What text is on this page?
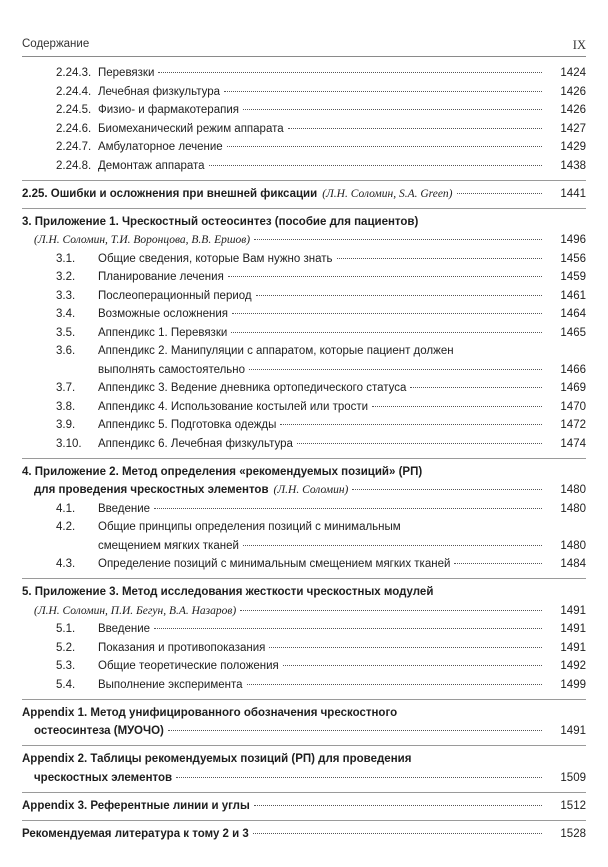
Содержание	IX
2.24.3. Перевязки	1424
2.24.4. Лечебная физкультура	1426
2.24.5. Физио- и фармакотерапия	1426
2.24.6. Биомеханический режим аппарата	1427
2.24.7. Амбулаторное лечение	1429
2.24.8. Демонтаж аппарата	1438
2.25. Ошибки и осложнения при внешней фиксации (Л.Н. Соломин, S.A. Green)	1441
3. Приложение 1. Чрескостный остеосинтез (пособие для пациентов)
(Л.Н. Соломин, Т.И. Воронцова, В.В. Ершов)	1496
3.1. Общие сведения, которые Вам нужно знать	1456
3.2. Планирование лечения	1459
3.3. Послеоперационный период	1461
3.4. Возможные осложнения	1464
3.5. Аппендикс 1. Перевязки	1465
3.6. Аппендикс 2. Манипуляции с аппаратом, которые пациент должен
выполнять самостоятельно	1466
3.7. Аппендикс 3. Ведение дневника ортопедического статуса	1469
3.8. Аппендикс 4. Использование костылей или трости	1470
3.9. Аппендикс 5. Подготовка одежды	1472
3.10. Аппендикс 6. Лечебная физкультура	1474
4. Приложение 2. Метод определения «рекомендуемых позиций» (РП)
для проведения чрескостных элементов (Л.Н. Соломин)	1480
4.1. Введение	1480
4.2. Общие принципы определения позиций с минимальным
смещением мягких тканей	1480
4.3. Определение позиций с минимальным смещением мягких тканей	1484
5. Приложение 3. Метод исследования жесткости чрескостных модулей
(Л.Н. Соломин, П.И. Бегун, В.А. Назаров)	1491
5.1. Введение	1491
5.2. Показания и противопоказания	1491
5.3. Общие теоретические положения	1492
5.4. Выполнение эксперимента	1499
Appendix 1. Метод унифицированного обозначения чрескостного
остеосинтеза (МУОЧО)	1491
Appendix 2. Таблицы рекомендуемых позиций (РП) для проведения
чрескостных элементов	1509
Appendix 3. Референтные линии и углы	1512
Рекомендуемая литература к тому 2 и 3	1528
